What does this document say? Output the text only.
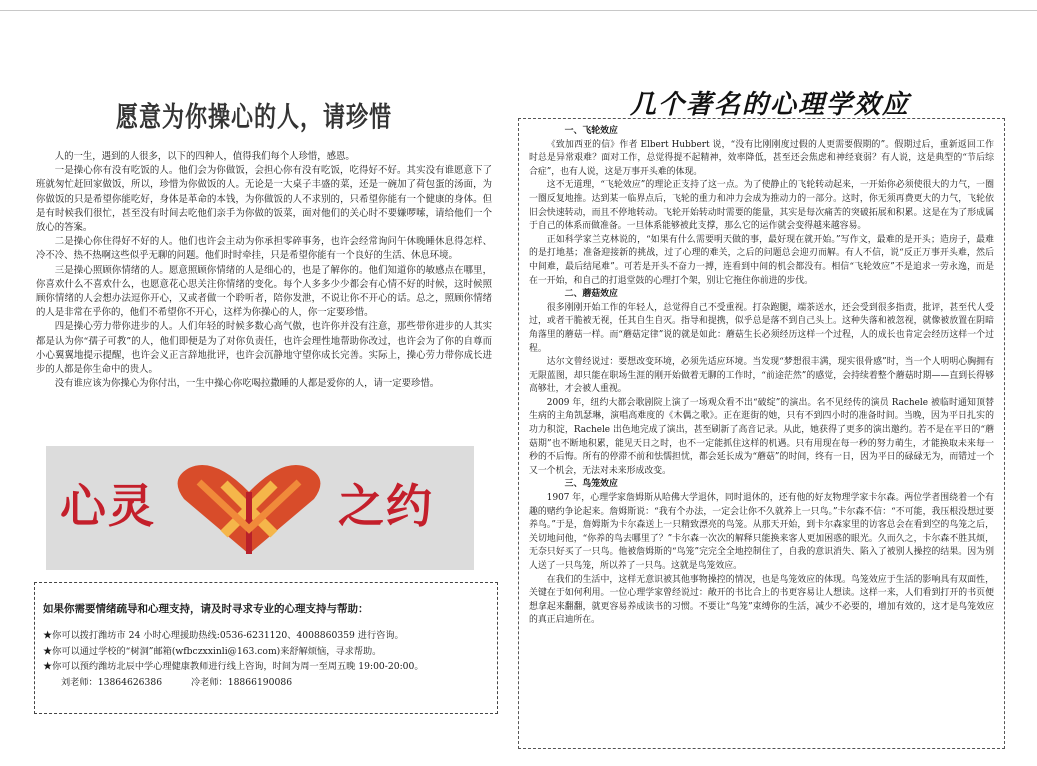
愿意为你操心的人，请珍惜

人的一生，遇到的人很多，以下的四种人，值得我们每个人珍惜，感恩。

一是操心你有没有吃饭的人。他们会为你做饭，会担心你有没有吃饭，吃得好不好。其实没有谁愿意下了班就匆忙赶回家做饭，所以，珍惜为你做饭的人。无论是一大桌子丰盛的菜，还是一碗加了荷包蛋的汤面，为你做饭的只是希望你能吃好，身体是革命的本钱，为你做饭的人不求别的，只希望你能有一个健康的身体。但是有时候我们很忙，甚至没有时间去吃他们亲手为你做的饭菜，面对他们的关心时不要嫌啰嗦，请给他们一个放心的答案。

二是操心你住得好不好的人。他们也许会主动为你承担零碎事务，也许会经常询问午休晚睡休息得怎样、冷不冷、热不热啊这些似乎无聊的问题。他们时时牵挂，只是希望你能有一个良好的生活、休息环境。

三是操心照顾你情绪的人。愿意照顾你情绪的人是细心的，也是了解你的。他们知道你的敏感点在哪里，你喜欢什么不喜欢什么，也愿意花心思关注你情绪的变化。每个人多多少少都会有心情不好的时候，这时候照顾你情绪的人会想办法逗你开心，又或者做一个聆听者，陪你发泄，不说让你不开心的话。总之，照顾你情绪的人是非常在乎你的，他们不希望你不开心，这样为你操心的人，你一定要珍惜。

四是操心劳力带你进步的人。人们年轻的时候多数心高气傲，也许你并没有注意，那些带你进步的人其实都是认为你“孺子可教”的人，他们即便是为了对你负责任，也许会理性地帮助你改过，也许会为了你的自尊而小心翼翼地提示提醒，也许会义正言辞地批评，也许会沉静地守望你成长完善。实际上，操心劳力带你成长进步的人都是你生命中的贵人。

没有谁应该为你操心为你付出，一生中操心你吃喝拉撒睡的人都是爱你的人，请一定要珍惜。

心灵	之约

如果你需要情绪疏导和心理支持，请及时寻求专业的心理支持与帮助：

★你可以拨打潍坊市 24 小时心理援助热线:0536-6231120、4008860359 进行咨询。

★你可以通过学校的“树洞”邮箱(wfbczxxinli@163.com)来舒解烦恼，寻求帮助。

★你可以预约潍坊北辰中学心理健康教师进行线上咨询，时间为周一至周五晚 19:00-20:00。

刘老师：13864626386	冷老师：18866190086

几个著名的心理学效应

一、飞轮效应

《致加西亚的信》作者 Elbert Hubbert 说，“没有比刚刚度过假的人更需要假期的”。假期过后，重新返回工作时总是异常艰难？面对工作，总觉得提不起精神，效率降低，甚至还会焦虑和神经衰弱？有人说，这是典型的“节后综合症”，也有人说，这是万事开头难的体现。

这不无道理，“飞轮效应”的理论正支持了这一点。为了使静止的飞轮转动起来，一开始你必须使很大的力气，一圈一圈反复地推。达到某一临界点后，飞轮的重力和冲力会成为推动力的一部分。这时，你无须再费更大的力气，飞轮依旧会快速转动，而且不停地转动。飞轮开始转动时需要的能量，其实是每次痛苦的突破拓展和积累。这是在为了形成属于自己的体系而做准备。一旦体系能够被此支撑，那么它的运作就会变得越来越容易。

正如科学家兰克林说的，“如果有什么需要明天做的事，最好现在就开始。”写作文，最难的是开头；造房子，最难的是打地基；准备迎接新的挑战，过了心理的难关，之后的问题总会迎刃而解。有人不信，说“反正万事开头难，然后中间难，最后结尾难”。可若是开头不奋力一搏，连看到中间的机会都没有。相信“飞轮效应”不是追求一劳永逸，而是在一开始，和自己的打退堂鼓的心理打个架，别让它拖住你前进的步伐。

二、蘑菇效应

很多刚刚开始工作的年轻人，总觉得自己不受重视。打杂跑腿，端茶送水，还会受到很多指责，批评，甚至代人受过，或者干脆被无视，任其自生自灭。指导和提携，似乎总是落不到自己头上。这种失落和被忽视，就像被放置在阴暗角落里的蘑菇一样。而“蘑菇定律”说的就是如此：蘑菇生长必须经历这样一个过程，人的成长也肯定会经历这样一个过程。

达尔文曾经说过：要想改变环境，必须先适应环境。当发现“梦想很丰满，现实很骨感”时，当一个人明明心胸拥有无限蓝图，却只能在职场生涯的刚开始做着无聊的工作时，“前途茫然”的感觉，会持续着整个蘑菇时期——直到长得够高够壮，才会被人重视。

2009 年，纽约大都会歌剧院上演了一场观众看不出“破绽”的演出。名不见经传的演员 Rachele 被临时通知顶替生病的主角凯瑟琳，演唱高难度的《木偶之歌》。正在逛街的她，只有不到四小时的准备时间。当晚，因为平日扎实的功力积淀，Rachele 出色地完成了演出，甚至刷新了高音记录。从此，她获得了更多的演出邀约。若不是在平日的“蘑菇期”也不断地积累，能见天日之时，也不一定能抓住这样的机遇。只有用现在每一秒的努力萌生，才能换取未来每一秒的不后悔。所有的停滞不前和怯懦担忧，都会延长成为“蘑菇”的时间，终有一日，因为平日的碌碌无为，而错过一个又一个机会，无法对未来形成改变。

三、鸟笼效应

1907 年，心理学家詹姆斯从哈佛大学退休，同时退休的，还有他的好友物理学家卡尔森。两位学者围绕着一个有趣的赌约争论起来。詹姆斯说：“我有个办法，一定会让你不久就养上一只鸟。”卡尔森不信：“不可能，我压根没想过要养鸟。”于是，詹姆斯为卡尔森送上一只精致漂亮的鸟笼。从那天开始，到卡尔森家里的访客总会在看到空的鸟笼之后，关切地问他，“你养的鸟去哪里了？”卡尔森一次次的解释只能换来客人更加困惑的眼光。久而久之，卡尔森不胜其烦，无奈只好买了一只鸟。他被詹姆斯的“鸟笼”完完全全地控制住了，自我的意识消失、陷入了被别人操控的结果。因为别人送了一只鸟笼，所以养了一只鸟。这就是鸟笼效应。

在我们的生活中，这样无意识被其他事物操控的情况，也是鸟笼效应的体现。鸟笼效应于生活的影响具有双面性，关键在于如何利用。一位心理学家曾经说过：敞开的书比合上的书更容易让人想读。这样一来，人们看到打开的书页便想拿起来翻翻，就更容易养成读书的习惯。不要让“鸟笼”束缚你的生活，减少不必要的，增加有效的，这才是鸟笼效应的真正启迪所在。
